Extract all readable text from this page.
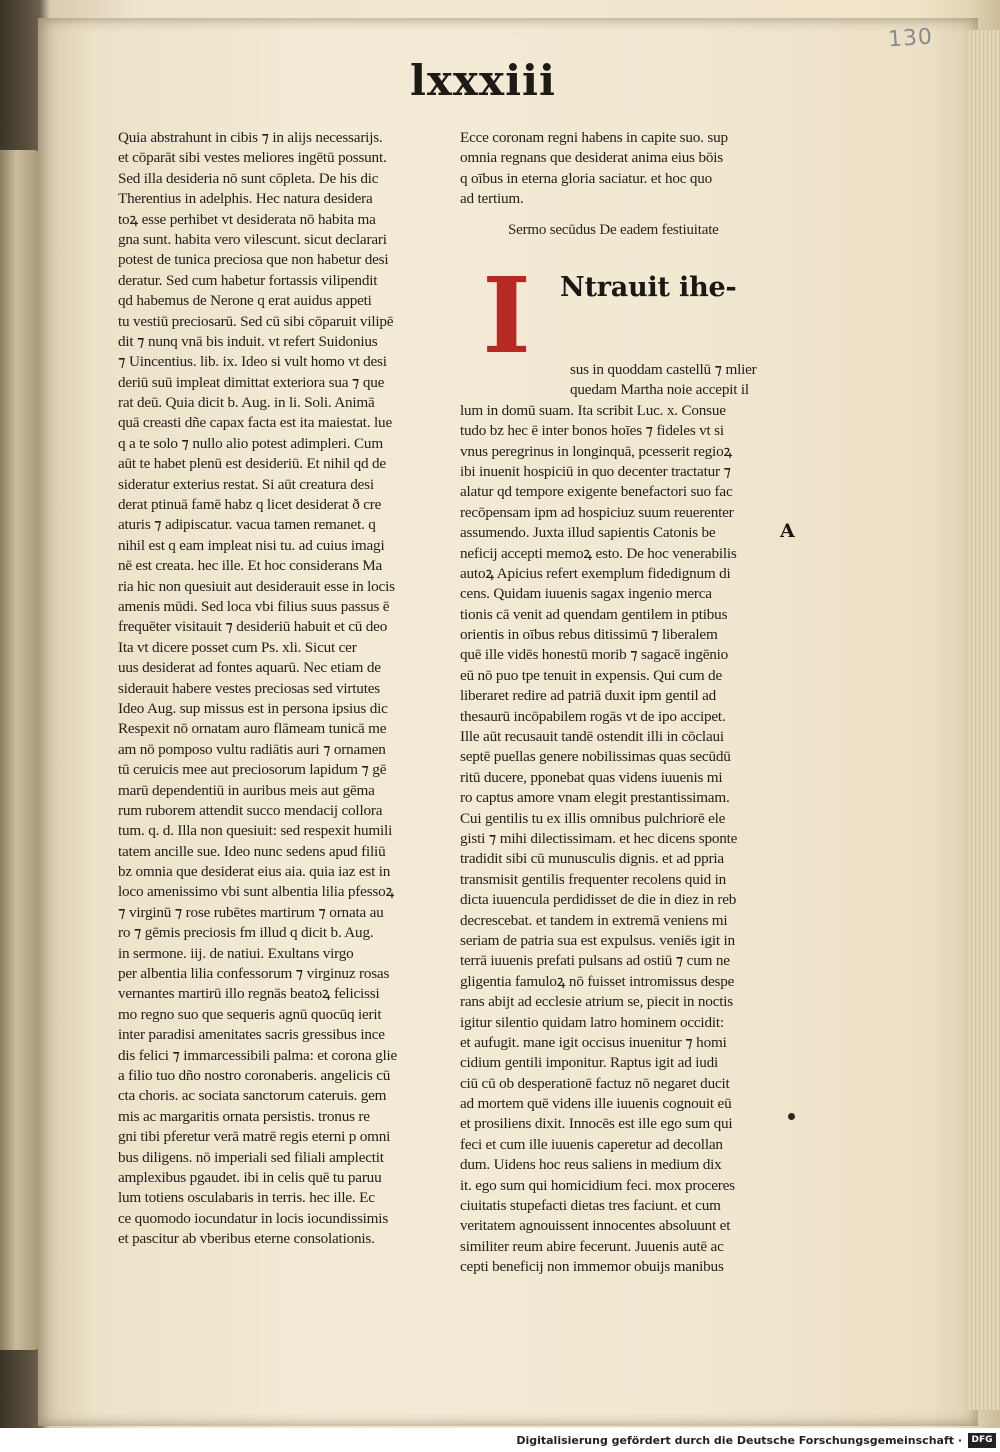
130
lxxxiii
Quia abstrahunt in cibis ⁊ in alijs necessarijs.
et cōparāt sibi vestes meliores ingētū possunt.
Sed illa desideria nō sunt cōpleta. De his dic
Therentius in adelphis. Hec natura desidera
toꝝ esse perhibet vt desiderata nō habita ma
gna sunt. habita vero vilescunt. sicut declarari
potest de tunica preciosa que non habetur desi
deratur. Sed cum habetur fortassis vilipendit
qd habemus de Nerone q erat auidus appeti
tu vestiū preciosarū. Sed cū sibi cōparuit vilipē
dit ⁊ nunq vnā bis induit. vt refert Suidonius
⁊ Uincentius. lib. ix. Ideo si vult homo vt desi
deriū suū impleat dimittat exteriora sua ⁊ que
rat deū. Quia dicit b. Aug. in li. Soli. Animā
quā creasti dñe capax facta est ita maiestat. lue
q a te solo ⁊ nullo alio potest adimpleri. Cum
aūt te habet plenū est desideriū. Et nihil qd de
sideratur exterius restat. Si aūt creatura desi
derat ptinuā famē habz q licet desiderat ð cre
aturis ⁊ adipiscatur. vacua tamen remanet. q
nihil est q eam impleat nisi tu. ad cuius imagi
nē est creata. hec ille. Et hoc considerans Ma
ria hic non quesiuit aut desiderauit esse in locis
amenis mūdi. Sed loca vbi filius suus passus ē
frequēter visitauit ⁊ desideriū habuit et cū deo
Ita vt dicere posset cum Ps. xli. Sicut cer
uus desiderat ad fontes aquarū. Nec etiam de
siderauit habere vestes preciosas sed virtutes
Ideo Aug. sup missus est in persona ipsius dic
Respexit nō ornatam auro flāmeam tunicā me
am nō pomposo vultu radiātis auri ⁊ ornamen
tū ceruicis mee aut preciosorum lapidum ⁊ gē
marū dependentiū in auribus meis aut gēma
rum ruborem attendit succo mendacij collora
tum. q. d. Illa non quesiuit: sed respexit humili
tatem ancille sue. Ideo nunc sedens apud filiū
bz omnia que desiderat eius aia. quia iaz est in
loco amenissimo vbi sunt albentia lilia pfessoꝝ
⁊ virginū ⁊ rose rubētes martirum ⁊ ornata au
ro ⁊ gēmis preciosis fm illud q dicit b. Aug.
in sermone. iij. de natiui. Exultans virgo
per albentia lilia confessorum ⁊ virginuz rosas
vernantes martirū illo regnās beatoꝝ felicissi
mo regno suo que sequeris agnū quocūq ierit
inter paradisi amenitates sacris gressibus ince
dis felici ⁊ immarcessibili palma: et corona glie
a filio tuo dño nostro coronaberis. angelicis cū
cta choris. ac sociata sanctorum cateruis. gem
mis ac margaritis ornata persistis. tronus re
gni tibi pferetur verā matrē regis eterni p omni
bus diligens. nō imperiali sed filiali amplectit
amplexibus pgaudet. ibi in celis quē tu paruu
lum totiens osculabaris in terris. hec ille. Ec
ce quomodo iocundatur in locis iocundissimis
et pascitur ab vberibus eterne consolationis.
Ecce coronam regni habens in capite suo. sup
omnia regnans que desiderat anima eius bōis
q oībus in eterna gloria saciatur. et hoc quo
ad tertium.
Sermo secūdus De eadem festiuitate
I	Ntrauit ihe-
sus in quoddam castellū ⁊ mlier
quedam Martha noie accepit il
lum in domū suam. Ita scribit Luc. x. Consue
tudo bz hec ē inter bonos hoīes ⁊ fideles vt si
vnus peregrinus in longinquā, pcesserit regioꝝ
ibi inuenit hospiciū in quo decenter tractatur ⁊
alatur qd tempore exigente benefactori suo fac
recōpensam ipm ad hospiciuz suum reuerenter
assumendo. Juxta illud sapientis Catonis be
neficij accepti memoꝝ esto. De hoc venerabilis
autoꝝ Apicius refert exemplum fidedignum di
cens. Quidam iuuenis sagax ingenio merca
tionis cā venit ad quendam gentilem in ptibus
orientis in oībus rebus ditissimū ⁊ liberalem
quē ille vidēs honestū morib ⁊ sagacē ingēnio
eū nō puo tpe tenuit in expensis. Qui cum de
liberaret redire ad patriā duxit ipm gentil ad
thesaurū incōpabilem rogās vt de ipo accipet.
Ille aūt recusauit tandē ostendit illi in cōclaui
septē puellas genere nobilissimas quas secūdū
ritū ducere, pponebat quas videns iuuenis mi
ro captus amore vnam elegit prestantissimam.
Cui gentilis tu ex illis omnibus pulchriorē ele
gisti ⁊ mihi dilectissimam. et hec dicens sponte
tradidit sibi cū munusculis dignis. et ad ppria
transmisit gentilis frequenter recolens quid in
dicta iuuencula perdidisset de die in diez in reb
decrescebat. et tandem in extremā veniens mi
seriam de patria sua est expulsus. veniēs igit in
terrā iuuenis prefati pulsans ad ostiū ⁊ cum ne
gligentia famuloꝝ nō fuisset intromissus despe
rans abijt ad ecclesie atrium se, piecit in noctis
igitur silentio quidam latro hominem occidit:
et aufugit. mane igit occisus inuenitur ⁊ homi
cidium gentili imponitur. Raptus igit ad iudi
ciū cū ob desperationē factuz nō negaret ducit
ad mortem quē videns ille iuuenis cognouit eū
et prosiliens dixit. Innocēs est ille ego sum qui
feci et cum ille iuuenis caperetur ad decollan
dum. Uidens hoc reus saliens in medium dix
it. ego sum qui homicidium feci. mox proceres
ciuitatis stupefacti dietas tres faciunt. et cum
veritatem agnouissent innocentes absoluunt et
similiter reum abire fecerunt. Juuenis autē ac
cepti beneficij non immemor obuijs manibus
A
Digitalisierung gefördert durch die Deutsche Forschungsgemeinschaft ·	DFG
